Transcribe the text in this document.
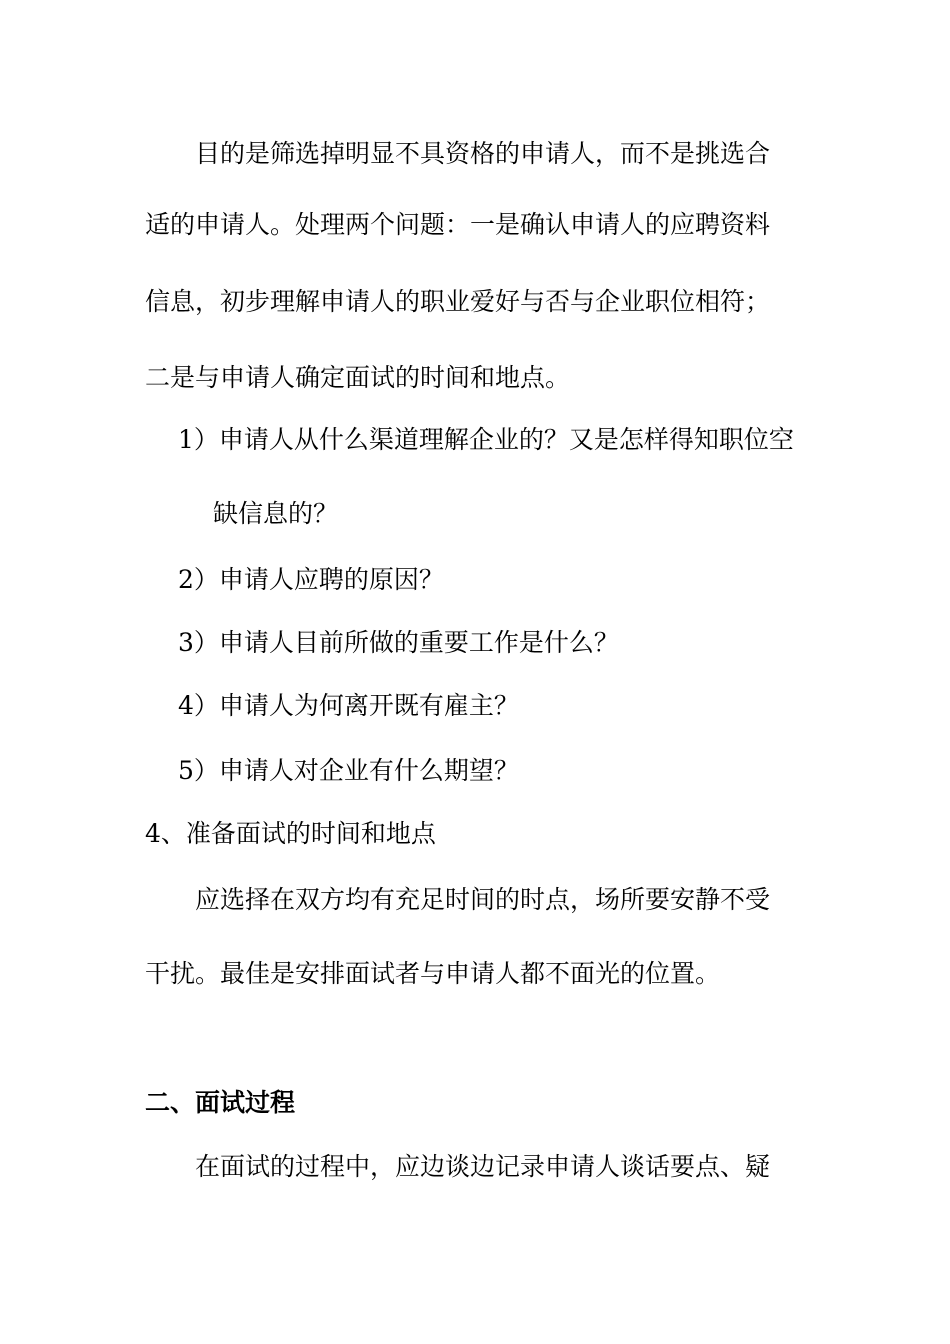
目的是筛选掉明显不具资格的申请人，而不是挑选合
适的申请人。处理两个问题：一是确认申请人的应聘资料
信息，初步理解申请人的职业爱好与否与企业职位相符；
二是与申请人确定面试的时间和地点。
1）申请人从什么渠道理解企业的？又是怎样得知职位空
缺信息的？
2）申请人应聘的原因？
3）申请人目前所做的重要工作是什么？
4）申请人为何离开既有雇主？
5）申请人对企业有什么期望？
4、准备面试的时间和地点
应选择在双方均有充足时间的时点，场所要安静不受
干扰。最佳是安排面试者与申请人都不面光的位置。
二、面试过程
在面试的过程中，应边谈边记录申请人谈话要点、疑
